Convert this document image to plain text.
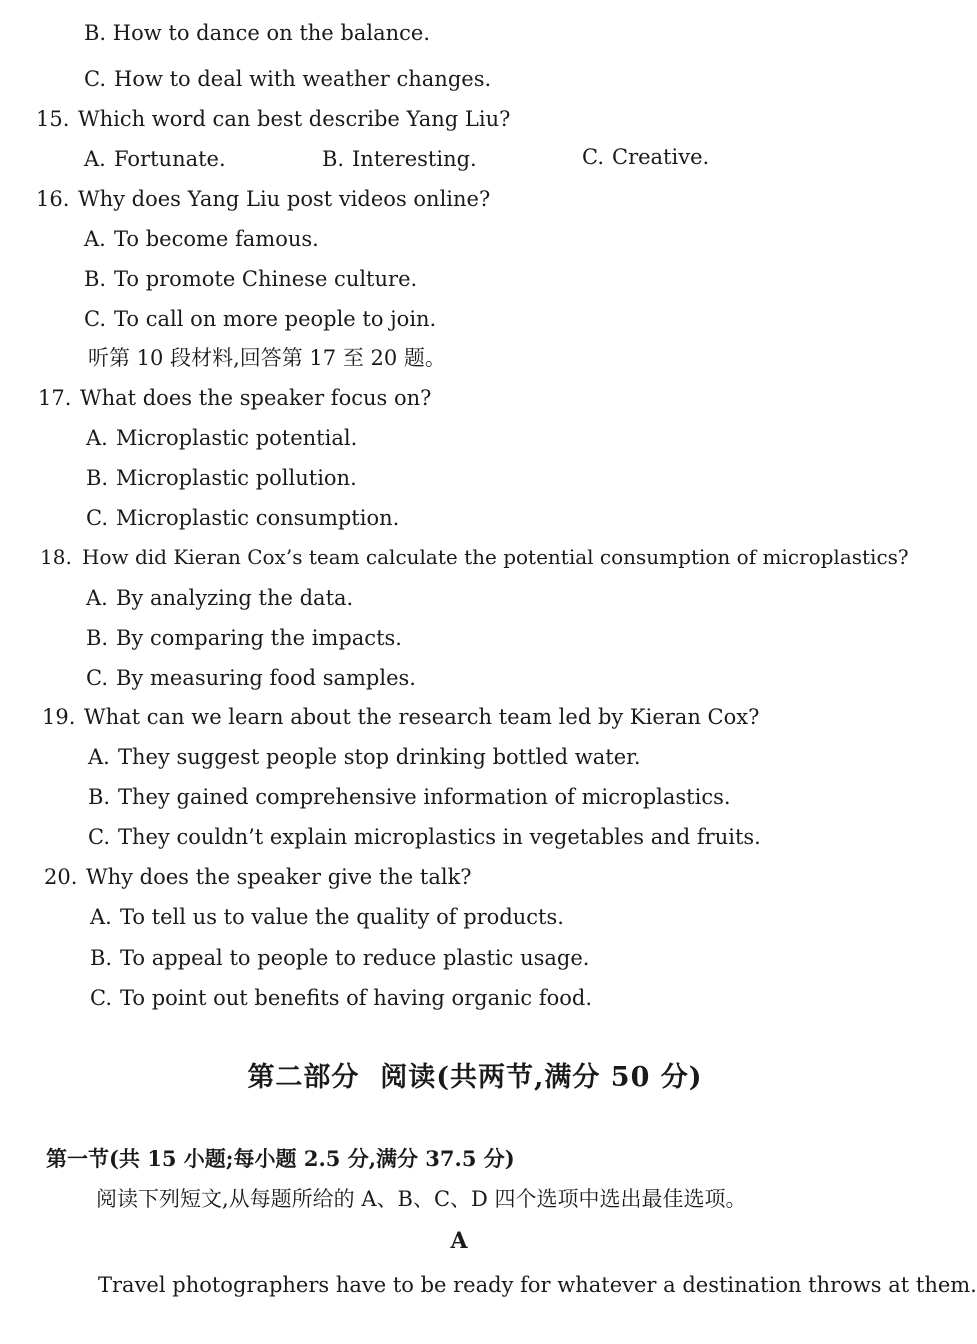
B. How to dance on the balance.
C. How to deal with weather changes.
15. Which word can best describe Yang Liu?
A. Fortunate.	B. Interesting.	C. Creative.
16. Why does Yang Liu post videos online?
A. To become famous.
B. To promote Chinese culture.
C. To call on more people to join.
听第 10 段材料,回答第 17 至 20 题。
17. What does the speaker focus on?
A. Microplastic potential.
B. Microplastic pollution.
C. Microplastic consumption.
18. How did Kieran Cox’s team calculate the potential consumption of microplastics?
A. By analyzing the data.
B. By comparing the impacts.
C. By measuring food samples.
19. What can we learn about the research team led by Kieran Cox?
A. They suggest people stop drinking bottled water.
B. They gained comprehensive information of microplastics.
C. They couldn’t explain microplastics in vegetables and fruits.
20. Why does the speaker give the talk?
A. To tell us to value the quality of products.
B. To appeal to people to reduce plastic usage.
C. To point out benefits of having organic food.
第二部分  阅读(共两节,满分 50 分)
第一节(共 15 小题;每小题 2.5 分,满分 37.5 分)
阅读下列短文,从每题所给的 A、B、C、D 四个选项中选出最佳选项。
A
Travel photographers have to be ready for whatever a destination throws at them.
